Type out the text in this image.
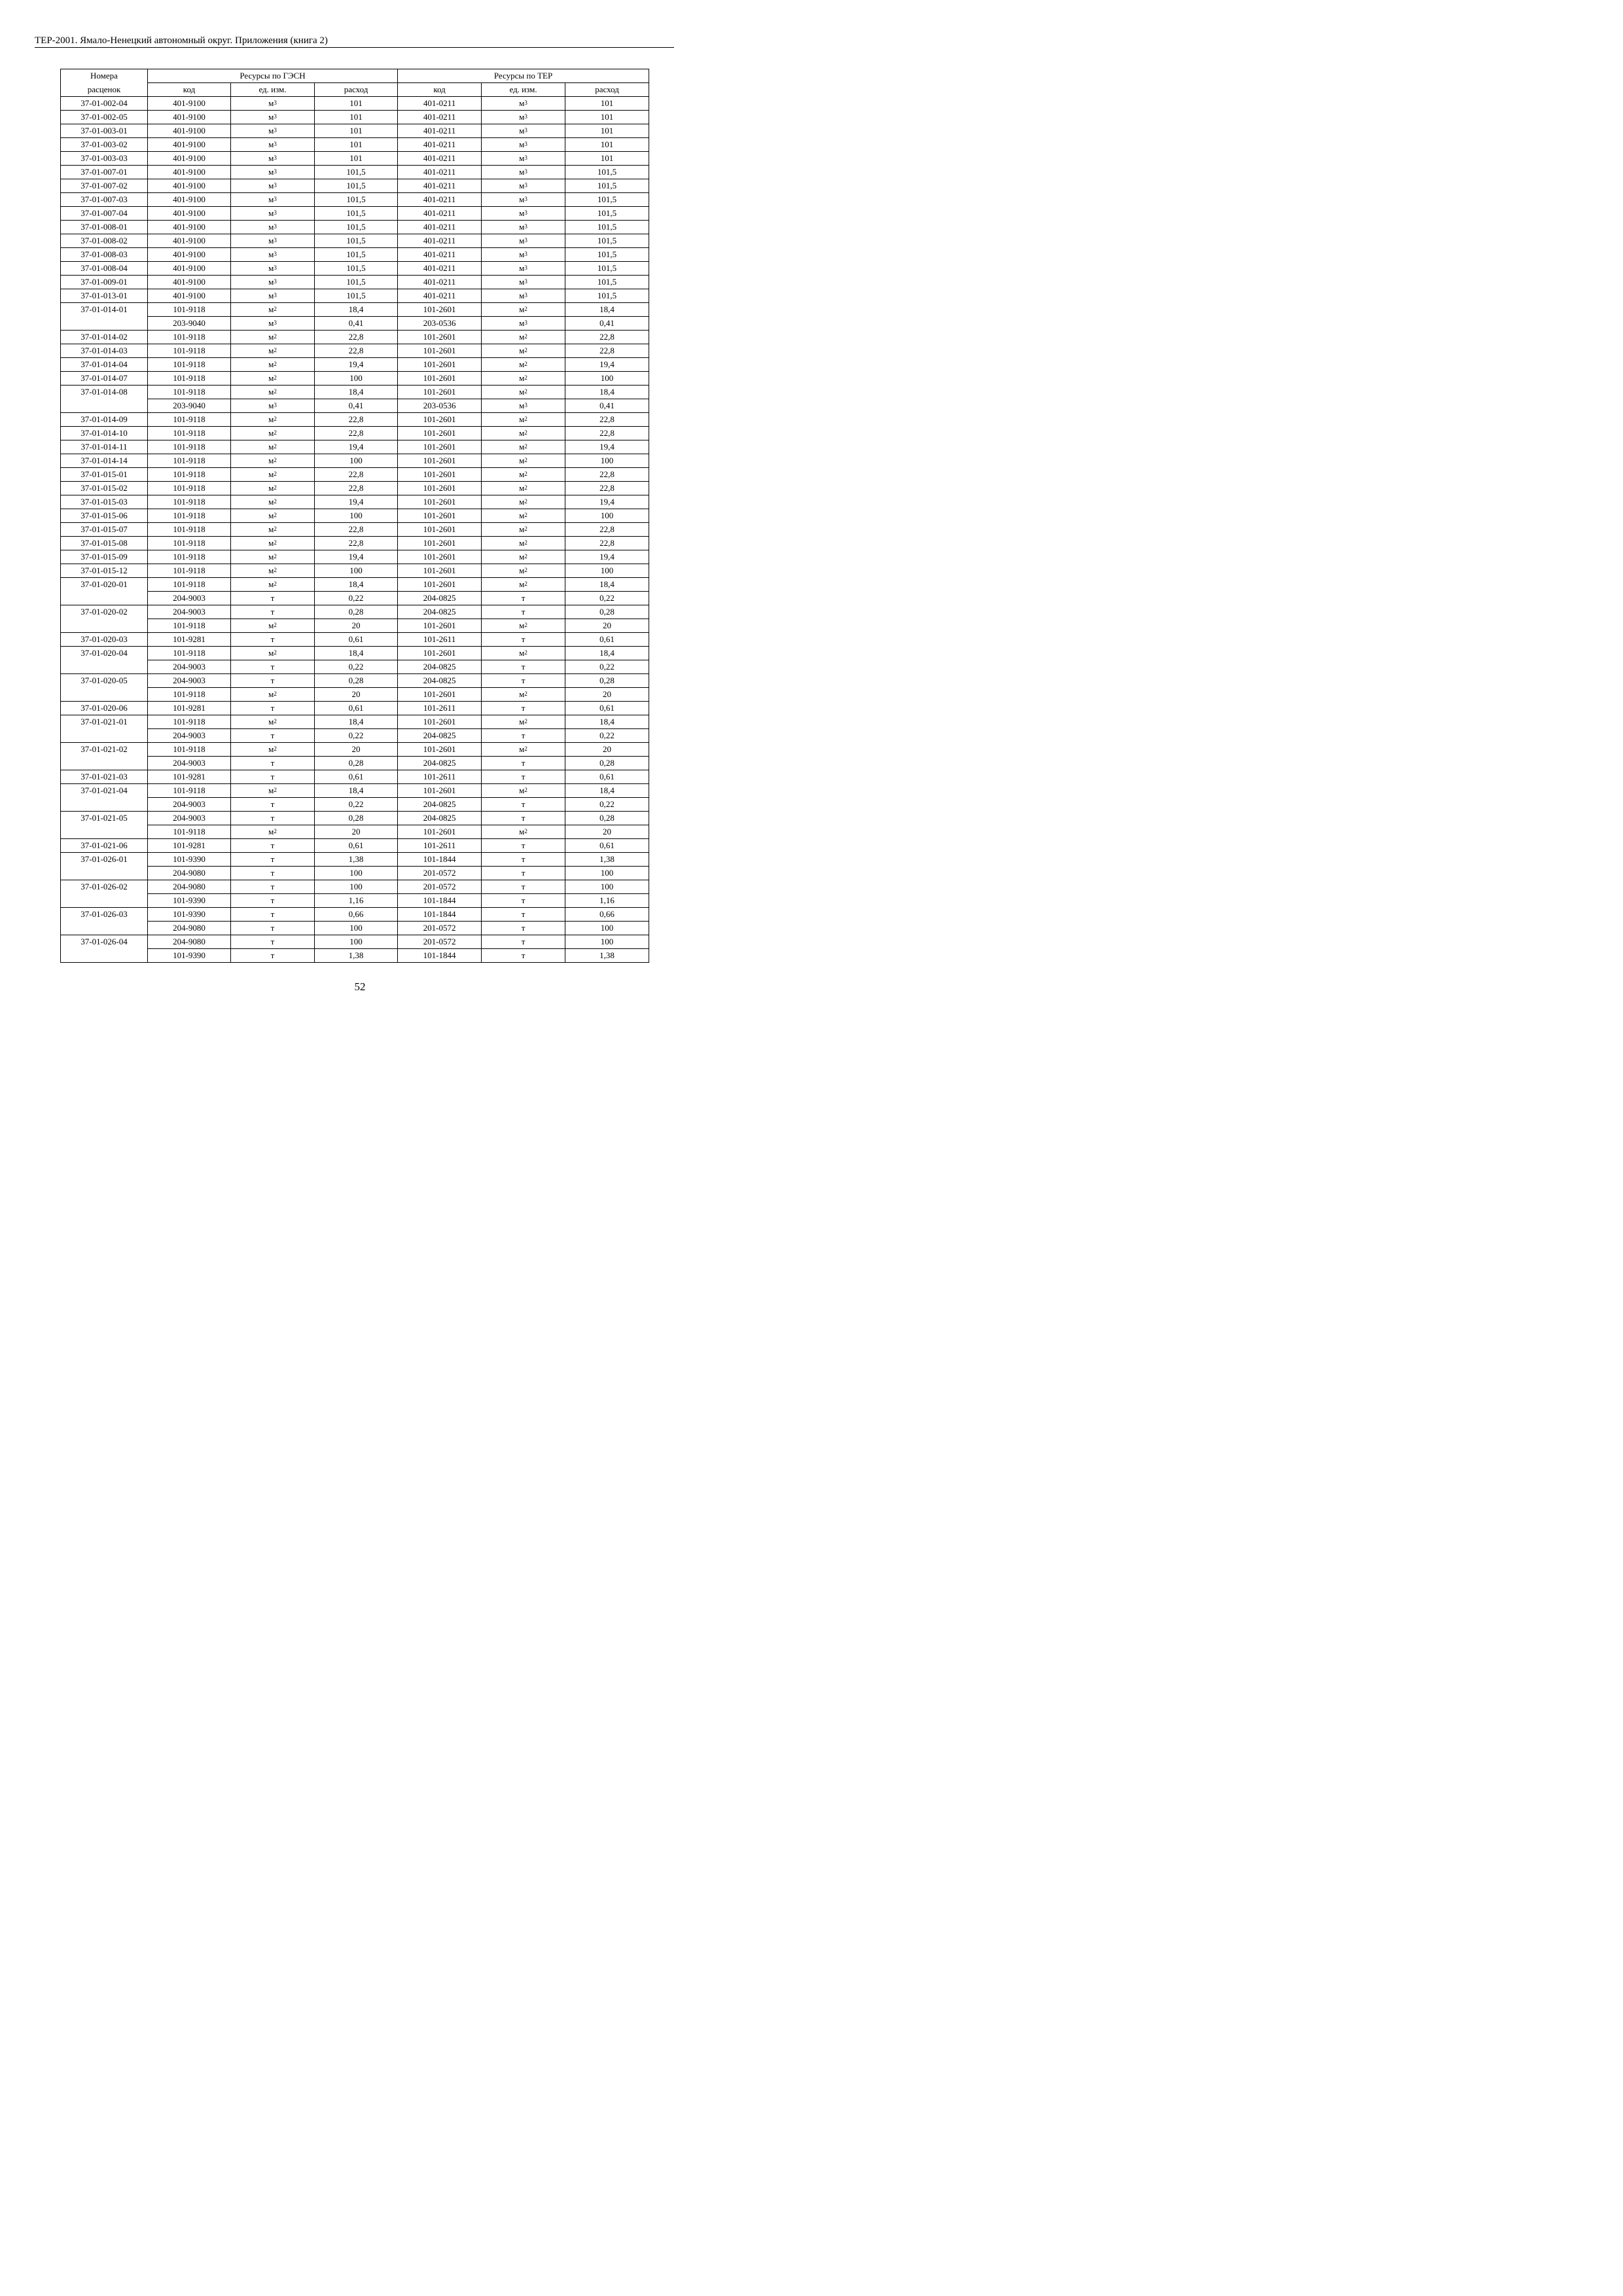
ТЕР-2001. Ямало-Ненецкий автономный округ. Приложения (книга 2)
Номера	Ресурсы по ГЭСН			Ресурсы по ТЕР		
расценок	код	ед. изм.	расход	код	ед. изм.	расход
37-01-002-04	401-9100	$м^3$	101	401-0211	$м^3$	101
37-01-002-05	401-9100	$м^3$	101	401-0211	$м^3$	101
37-01-003-01	401-9100	$м^3$	101	401-0211	$м^3$	101
37-01-003-02	401-9100	$м^3$	101	401-0211	$м^3$	101
37-01-003-03	401-9100	$м^3$	101	401-0211	$м^3$	101
37-01-007-01	401-9100	$м^3$	101,5	401-0211	$м^3$	101,5
37-01-007-02	401-9100	$м^3$	101,5	401-0211	$м^3$	101,5
37-01-007-03	401-9100	$м^3$	101,5	401-0211	$м^3$	101,5
37-01-007-04	401-9100	$м^3$	101,5	401-0211	$м^3$	101,5
37-01-008-01	401-9100	$м^3$	101,5	401-0211	$м^3$	101,5
37-01-008-02	401-9100	$м^3$	101,5	401-0211	$м^3$	101,5
37-01-008-03	401-9100	$м^3$	101,5	401-0211	$м^3$	101,5
37-01-008-04	401-9100	$м^3$	101,5	401-0211	$м^3$	101,5
37-01-009-01	401-9100	$м^3$	101,5	401-0211	$м^3$	101,5
37-01-013-01	401-9100	$м^3$	101,5	401-0211	$м^3$	101,5
37-01-014-01	101-9118	$м^2$	18,4	101-2601	$м^2$	18,4
	203-9040	$м^3$	0,41	203-0536	$м^3$	0,41
37-01-014-02	101-9118	$м^2$	22,8	101-2601	$м^2$	22,8
37-01-014-03	101-9118	$м^2$	22,8	101-2601	$м^2$	22,8
37-01-014-04	101-9118	$м^2$	19,4	101-2601	$м^2$	19,4
37-01-014-07	101-9118	$м^2$	100	101-2601	$м^2$	100
37-01-014-08	101-9118	$м^2$	18,4	101-2601	$м^2$	18,4
	203-9040	$м^3$	0,41	203-0536	$м^3$	0,41
37-01-014-09	101-9118	$м^2$	22,8	101-2601	$м^2$	22,8
37-01-014-10	101-9118	$м^2$	22,8	101-2601	$м^2$	22,8
37-01-014-11	101-9118	$м^2$	19,4	101-2601	$м^2$	19,4
37-01-014-14	101-9118	$м^2$	100	101-2601	$м^2$	100
37-01-015-01	101-9118	$м^2$	22,8	101-2601	$м^2$	22,8
37-01-015-02	101-9118	$м^2$	22,8	101-2601	$м^2$	22,8
37-01-015-03	101-9118	$м^2$	19,4	101-2601	$м^2$	19,4
37-01-015-06	101-9118	$м^2$	100	101-2601	$м^2$	100
37-01-015-07	101-9118	$м^2$	22,8	101-2601	$м^2$	22,8
37-01-015-08	101-9118	$м^2$	22,8	101-2601	$м^2$	22,8
37-01-015-09	101-9118	$м^2$	19,4	101-2601	$м^2$	19,4
37-01-015-12	101-9118	$м^2$	100	101-2601	$м^2$	100
37-01-020-01	101-9118	$м^2$	18,4	101-2601	$м^2$	18,4
	204-9003	т	0,22	204-0825	т	0,22
37-01-020-02	204-9003	т	0,28	204-0825	т	0,28
	101-9118	$м^2$	20	101-2601	$м^2$	20
37-01-020-03	101-9281	т	0,61	101-2611	т	0,61
37-01-020-04	101-9118	$м^2$	18,4	101-2601	$м^2$	18,4
	204-9003	т	0,22	204-0825	т	0,22
37-01-020-05	204-9003	т	0,28	204-0825	т	0,28
	101-9118	$м^2$	20	101-2601	$м^2$	20
37-01-020-06	101-9281	т	0,61	101-2611	т	0,61
37-01-021-01	101-9118	$м^2$	18,4	101-2601	$м^2$	18,4
	204-9003	т	0,22	204-0825	т	0,22
37-01-021-02	101-9118	$м^2$	20	101-2601	$м^2$	20
	204-9003	т	0,28	204-0825	т	0,28
37-01-021-03	101-9281	т	0,61	101-2611	т	0,61
37-01-021-04	101-9118	$м^2$	18,4	101-2601	$м^2$	18,4
	204-9003	т	0,22	204-0825	т	0,22
37-01-021-05	204-9003	т	0,28	204-0825	т	0,28
	101-9118	$м^2$	20	101-2601	$м^2$	20
37-01-021-06	101-9281	т	0,61	101-2611	т	0,61
37-01-026-01	101-9390	т	1,38	101-1844	т	1,38
	204-9080	т	100	201-0572	т	100
37-01-026-02	204-9080	т	100	201-0572	т	100
	101-9390	т	1,16	101-1844	т	1,16
37-01-026-03	101-9390	т	0,66	101-1844	т	0,66
	204-9080	т	100	201-0572	т	100
37-01-026-04	204-9080	т	100	201-0572	т	100
	101-9390	т	1,38	101-1844	т	1,38
52
